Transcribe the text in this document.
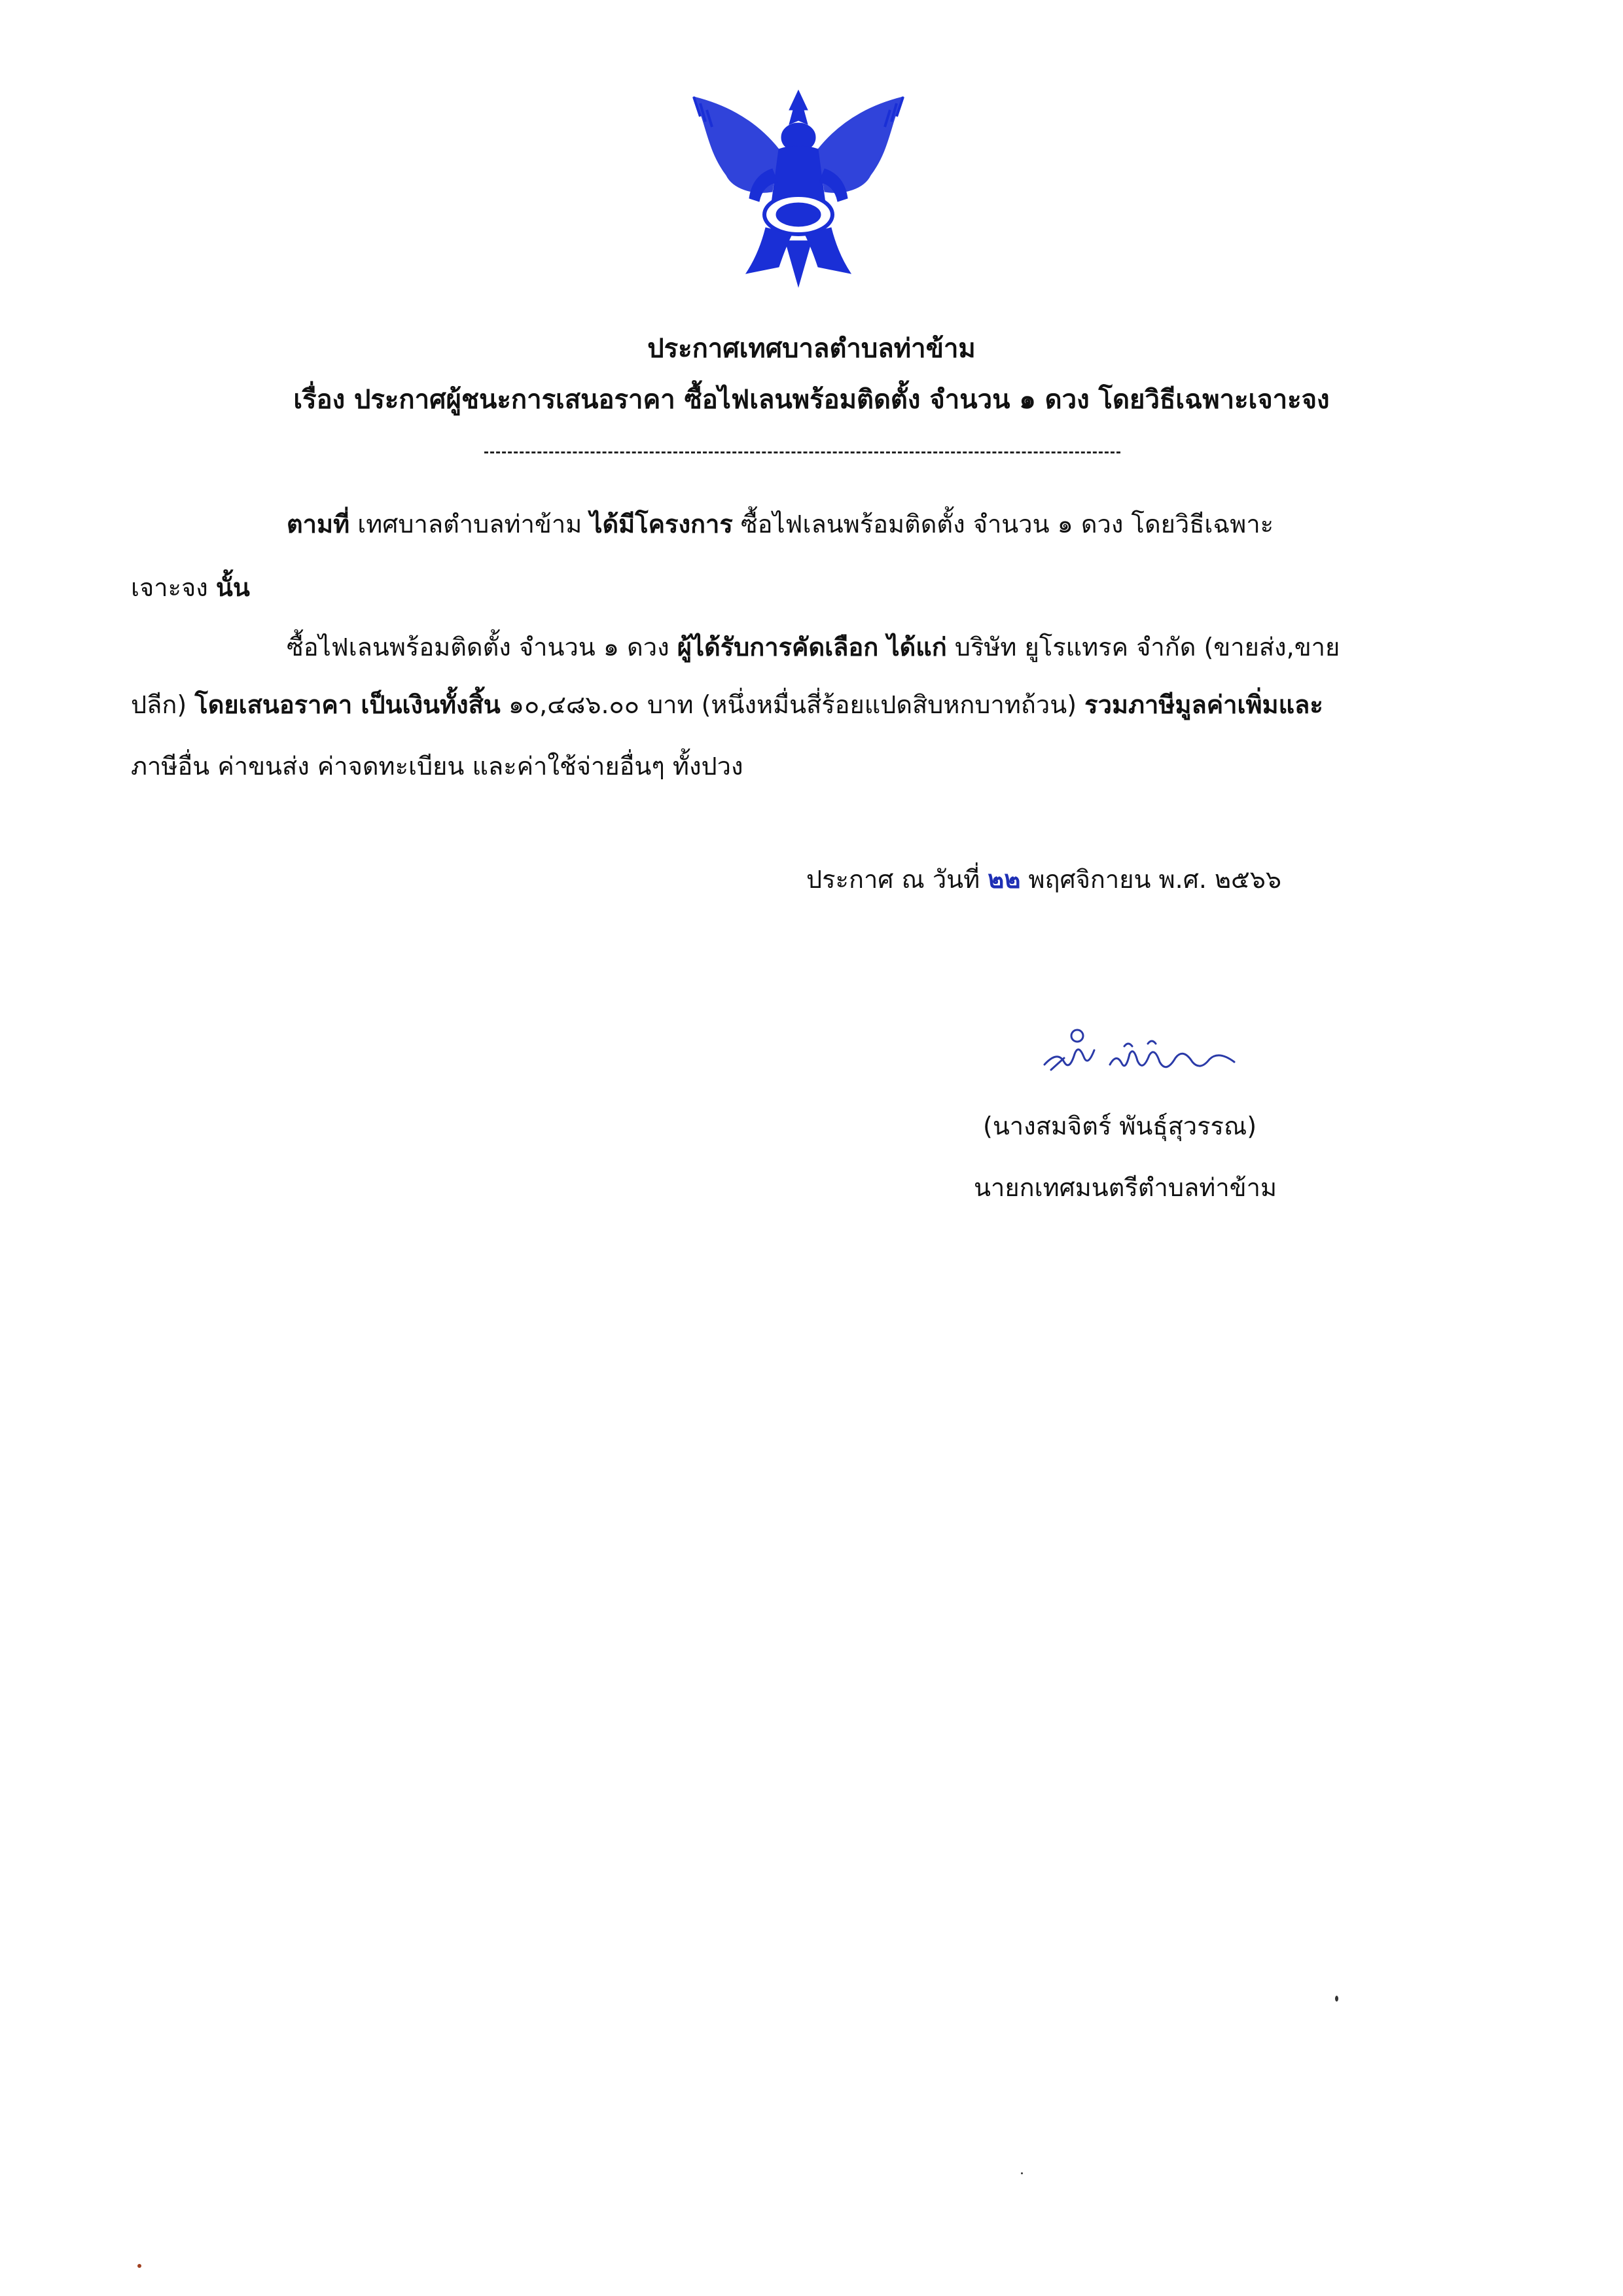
ประกาศเทศบาลตำบลท่าข้าม
เรื่อง ประกาศผู้ชนะการเสนอราคา ซื้อไฟเลนพร้อมติดตั้ง จำนวน ๑ ดวง โดยวิธีเฉพาะเจาะจง
ตามที่ เทศบาลตำบลท่าข้าม ได้มีโครงการ ซื้อไฟเลนพร้อมติดตั้ง จำนวน ๑ ดวง โดยวิธีเฉพาะ
เจาะจง นั้น
ซื้อไฟเลนพร้อมติดตั้ง จำนวน ๑ ดวง ผู้ได้รับการคัดเลือก ได้แก่ บริษัท ยูโรแทรค จำกัด (ขายส่ง,ขาย
ปลีก) โดยเสนอราคา เป็นเงินทั้งสิ้น ๑๐,๔๘๖.๐๐ บาท (หนึ่งหมื่นสี่ร้อยแปดสิบหกบาทถ้วน) รวมภาษีมูลค่าเพิ่มและ
ภาษีอื่น ค่าขนส่ง ค่าจดทะเบียน และค่าใช้จ่ายอื่นๆ ทั้งปวง
ประกาศ ณ วันที่ ๒๒ พฤศจิกายน พ.ศ. ๒๕๖๖
(นางสมจิตร์ พันธุ์สุวรรณ)
นายกเทศมนตรีตำบลท่าข้าม
